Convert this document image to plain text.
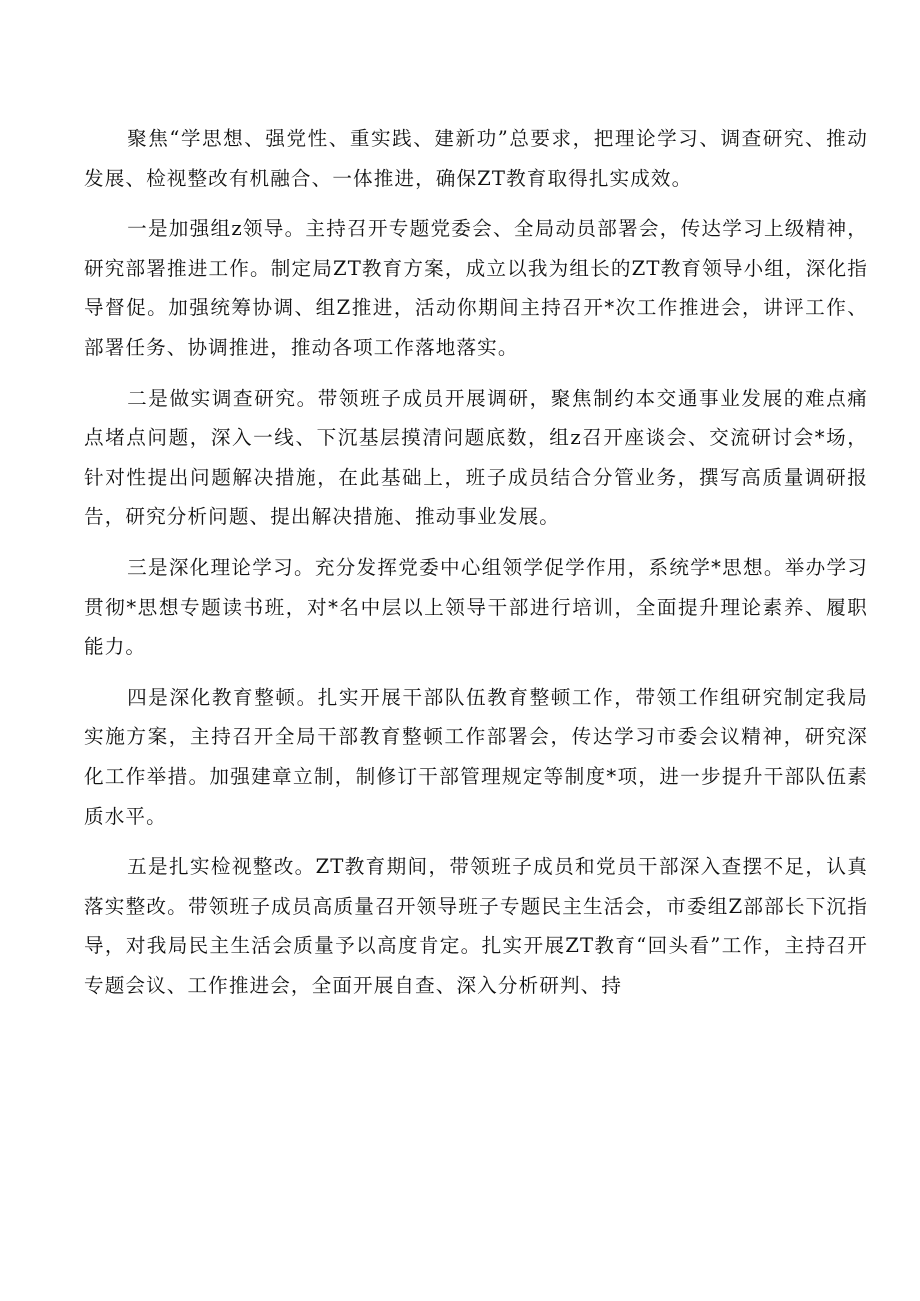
聚焦“学思想、强党性、重实践、建新功”总要求，把理论学习、调查研究、推动发展、检视整改有机融合、一体推进，确保ZT教育取得扎实成效。

一是加强组z领导。主持召开专题党委会、全局动员部署会，传达学习上级精神，研究部署推进工作。制定局ZT教育方案，成立以我为组长的ZT教育领导小组，深化指导督促。加强统筹协调、组Z推进，活动你期间主持召开*次工作推进会，讲评工作、部署任务、协调推进，推动各项工作落地落实。

二是做实调查研究。带领班子成员开展调研，聚焦制约本交通事业发展的难点痛点堵点问题，深入一线、下沉基层摸清问题底数，组z召开座谈会、交流研讨会*场，针对性提出问题解决措施，在此基础上，班子成员结合分管业务，撰写高质量调研报告，研究分析问题、提出解决措施、推动事业发展。

三是深化理论学习。充分发挥党委中心组领学促学作用，系统学*思想。举办学习贯彻*思想专题读书班，对*名中层以上领导干部进行培训，全面提升理论素养、履职能力。

四是深化教育整顿。扎实开展干部队伍教育整顿工作，带领工作组研究制定我局实施方案，主持召开全局干部教育整顿工作部署会，传达学习市委会议精神，研究深化工作举措。加强建章立制，制修订干部管理规定等制度*项，进一步提升干部队伍素质水平。

五是扎实检视整改。ZT教育期间，带领班子成员和党员干部深入查摆不足，认真落实整改。带领班子成员高质量召开领导班子专题民主生活会，市委组Z部部长下沉指导，对我局民主生活会质量予以高度肯定。扎实开展ZT教育“回头看”工作，主持召开专题会议、工作推进会，全面开展自查、深入分析研判、持
